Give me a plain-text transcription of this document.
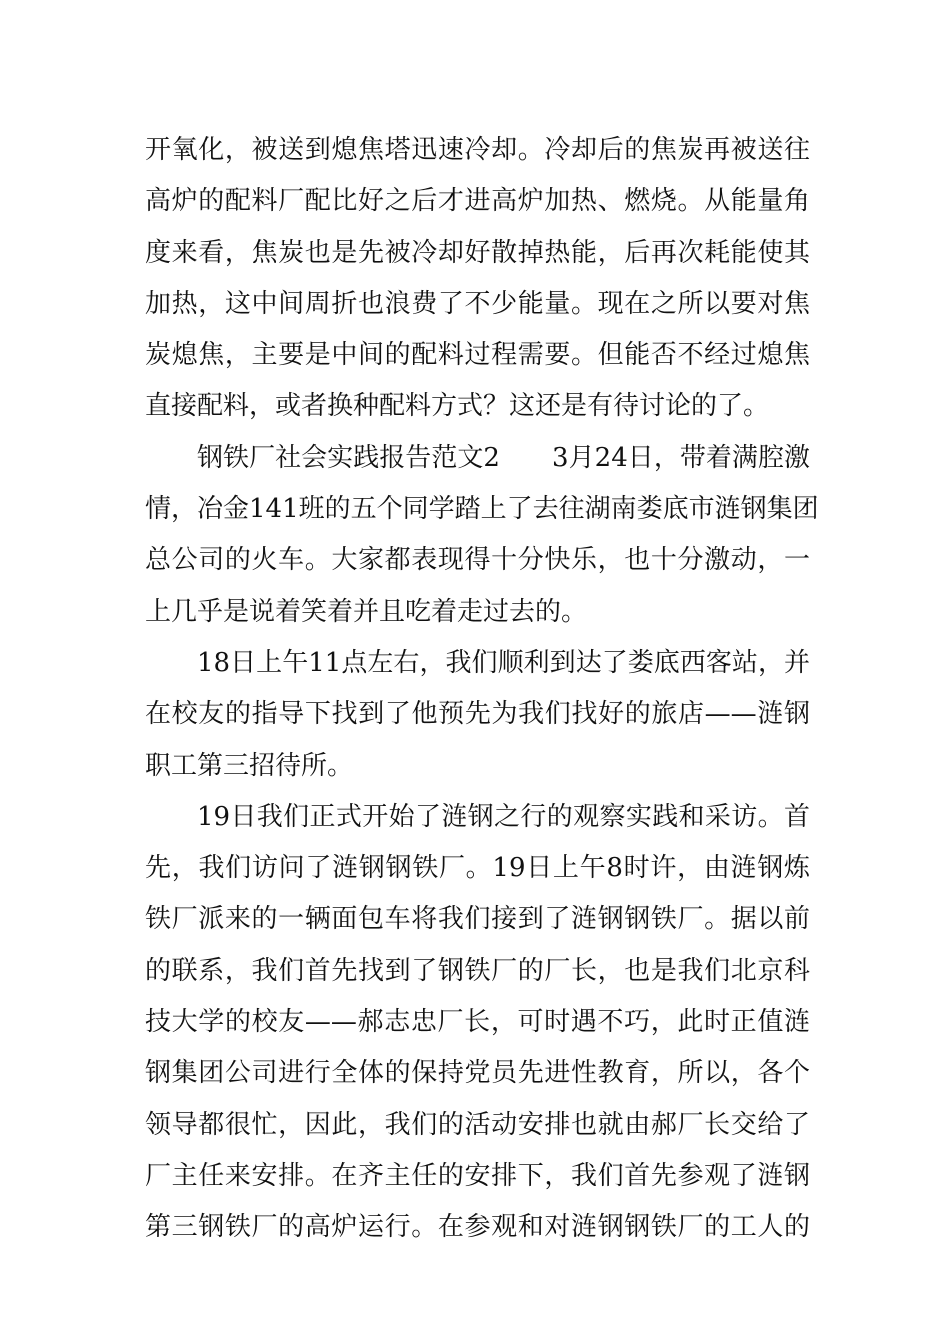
开氧化，被送到熄焦塔迅速冷却。冷却后的焦炭再被送往
高炉的配料厂配比好之后才进高炉加热、燃烧。从能量角
度来看，焦炭也是先被冷却好散掉热能，后再次耗能使其
加热，这中间周折也浪费了不少能量。现在之所以要对焦
炭熄焦，主要是中间的配料过程需要。但能否不经过熄焦
直接配料，或者换种配料方式？这还是有待讨论的了。
钢铁厂社会实践报告范文2　　3月24日，带着满腔激
情，冶金141班的五个同学踏上了去往湖南娄底市涟钢集团
总公司的火车。大家都表现得十分快乐，也十分激动，一
上几乎是说着笑着并且吃着走过去的。
18日上午11点左右，我们顺利到达了娄底西客站，并
在校友的指导下找到了他预先为我们找好的旅店——涟钢
职工第三招待所。
19日我们正式开始了涟钢之行的观察实践和采访。首
先，我们访问了涟钢钢铁厂。19日上午8时许，由涟钢炼
铁厂派来的一辆面包车将我们接到了涟钢钢铁厂。据以前
的联系，我们首先找到了钢铁厂的厂长，也是我们北京科
技大学的校友——郝志忠厂长，可时遇不巧，此时正值涟
钢集团公司进行全体的保持党员先进性教育，所以，各个
领导都很忙，因此，我们的活动安排也就由郝厂长交给了
厂主任来安排。在齐主任的安排下，我们首先参观了涟钢
第三钢铁厂的高炉运行。在参观和对涟钢钢铁厂的工人的
